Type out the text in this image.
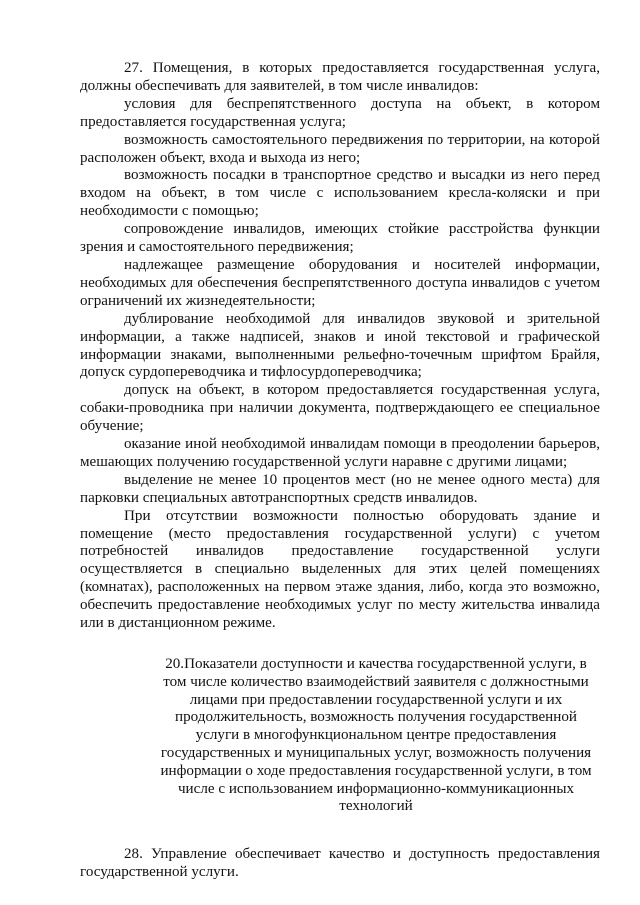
27. Помещения, в которых предоставляется государственная услуга, должны обеспечивать для заявителей, в том числе инвалидов:

условия для беспрепятственного доступа на объект, в котором предоставляется государственная услуга;

возможность самостоятельного передвижения по территории, на которой расположен объект, входа и выхода из него;

возможность посадки в транспортное средство и высадки из него перед входом на объект, в том числе с использованием кресла-коляски и при необходимости с помощью;

сопровождение инвалидов, имеющих стойкие расстройства функции зрения и самостоятельного передвижения;

надлежащее размещение оборудования и носителей информации, необходимых для обеспечения беспрепятственного доступа инвалидов с учетом ограничений их жизнедеятельности;

дублирование необходимой для инвалидов звуковой и зрительной информации, а также надписей, знаков и иной текстовой и графической информации знаками, выполненными рельефно-точечным шрифтом Брайля, допуск сурдопереводчика и тифлосурдопереводчика;

допуск на объект, в котором предоставляется государственная услуга, собаки-проводника при наличии документа, подтверждающего ее специальное обучение;

оказание иной необходимой инвалидам помощи в преодолении барьеров, мешающих получению государственной услуги наравне с другими лицами;

выделение не менее 10 процентов мест (но не менее одного места) для парковки специальных автотранспортных средств инвалидов.

При отсутствии возможности полностью оборудовать здание и помещение (место предоставления государственной услуги) с учетом потребностей инвалидов предоставление государственной услуги осуществляется в специально выделенных для этих целей помещениях (комнатах), расположенных на первом этаже здания, либо, когда это возможно, обеспечить предоставление необходимых услуг по месту жительства инвалида или в дистанционном режиме.

20.Показатели доступности и качества государственной услуги, в том числе количество взаимодействий заявителя с должностными лицами при предоставлении государственной услуги и их продолжительность, возможность получения государственной услуги в многофункциональном центре предоставления государственных и муниципальных услуг, возможность получения информации о ходе предоставления государственной услуги, в том числе с использованием информационно-коммуникационных технологий

28. Управление обеспечивает качество и доступность предоставления государственной услуги.
